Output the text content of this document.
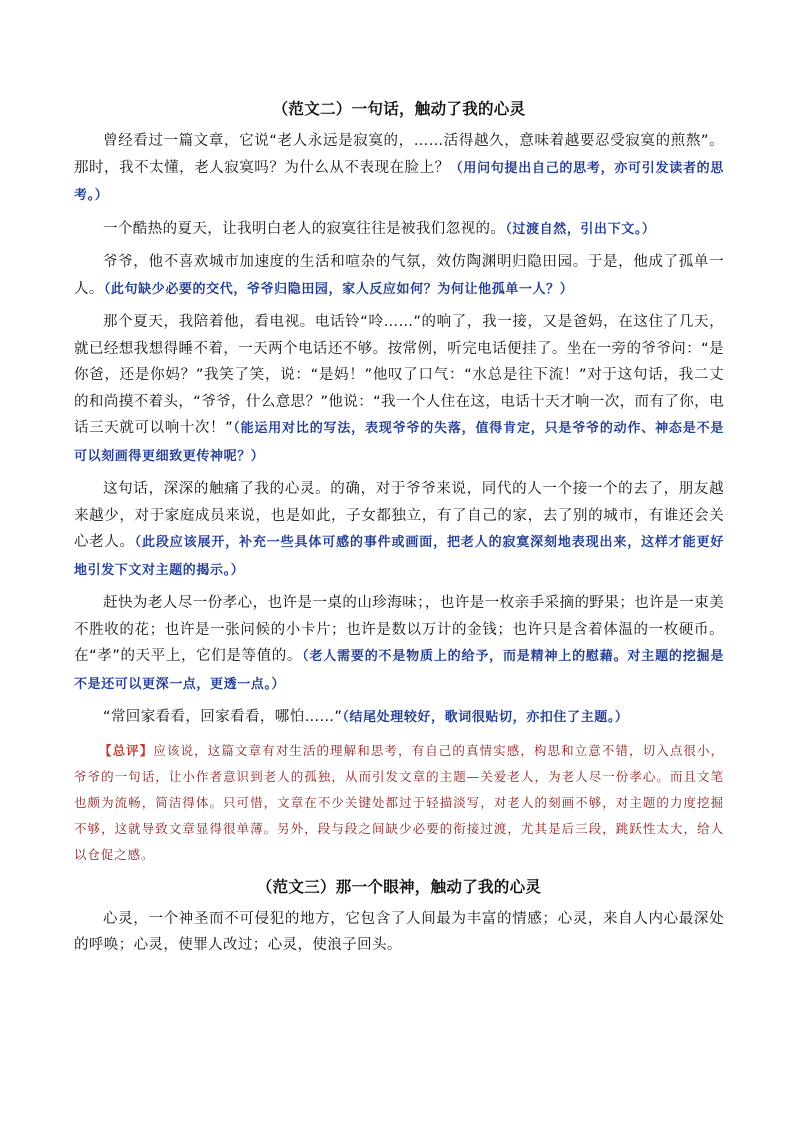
（范文二）一句话，触动了我的心灵

曾经看过一篇文章，它说“老人永远是寂寞的，……活得越久，意味着越要忍受寂寞的煎熬”。那时，我不太懂，老人寂寞吗？为什么从不表现在脸上？（用问句提出自己的思考，亦可引发读者的思考。）

一个酷热的夏天，让我明白老人的寂寞往往是被我们忽视的。（过渡自然，引出下文。）

爷爷，他不喜欢城市加速度的生活和喧杂的气氛，效仿陶渊明归隐田园。于是，他成了孤单一人。（此句缺少必要的交代，爷爷归隐田园，家人反应如何？为何让他孤单一人？）

那个夏天，我陪着他，看电视。电话铃“呤……”的响了，我一接，又是爸妈，在这住了几天，就已经想我想得睡不着，一天两个电话还不够。按常例，听完电话便挂了。坐在一旁的爷爷问：“是你爸，还是你妈？”我笑了笑，说：“是妈！”他叹了口气：“水总是往下流！”对于这句话，我二丈的和尚摸不着头，“爷爷，什么意思？”他说：“我一个人住在这，电话十天才响一次，而有了你，电话三天就可以响十次！”（能运用对比的写法，表现爷爷的失落，值得肯定，只是爷爷的动作、神态是不是可以刻画得更细致更传神呢？）

这句话，深深的触痛了我的心灵。的确，对于爷爷来说，同代的人一个接一个的去了，朋友越来越少，对于家庭成员来说，也是如此，子女都独立，有了自己的家，去了别的城市，有谁还会关心老人。（此段应该展开，补充一些具体可感的事件或画面，把老人的寂寞深刻地表现出来，这样才能更好地引发下文对主题的揭示。）

赶快为老人尽一份孝心，也许是一桌的山珍海味；，也许是一枚亲手采摘的野果；也许是一束美不胜收的花；也许是一张问候的小卡片；也许是数以万计的金钱；也许只是含着体温的一枚硬币。在“孝”的天平上，它们是等值的。（老人需要的不是物质上的给予，而是精神上的慰藉。对主题的挖掘是不是还可以更深一点，更透一点。）

“常回家看看，回家看看，哪怕……”（结尾处理较好，歌词很贴切，亦扣住了主题。）

【总评】应该说，这篇文章有对生活的理解和思考，有自己的真情实感，构思和立意不错，切入点很小，爷爷的一句话，让小作者意识到老人的孤独，从而引发文章的主题—关爱老人，为老人尽一份孝心。而且文笔也颇为流畅，简洁得体。只可惜，文章在不少关键处都过于轻描淡写，对老人的刻画不够，对主题的力度挖掘不够，这就导致文章显得很单薄。另外，段与段之间缺少必要的衔接过渡，尤其是后三段，跳跃性太大，给人以仓促之感。

（范文三）那一个眼神，触动了我的心灵

心灵，一个神圣而不可侵犯的地方，它包含了人间最为丰富的情感；心灵，来自人内心最深处的呼唤；心灵，使罪人改过；心灵，使浪子回头。
